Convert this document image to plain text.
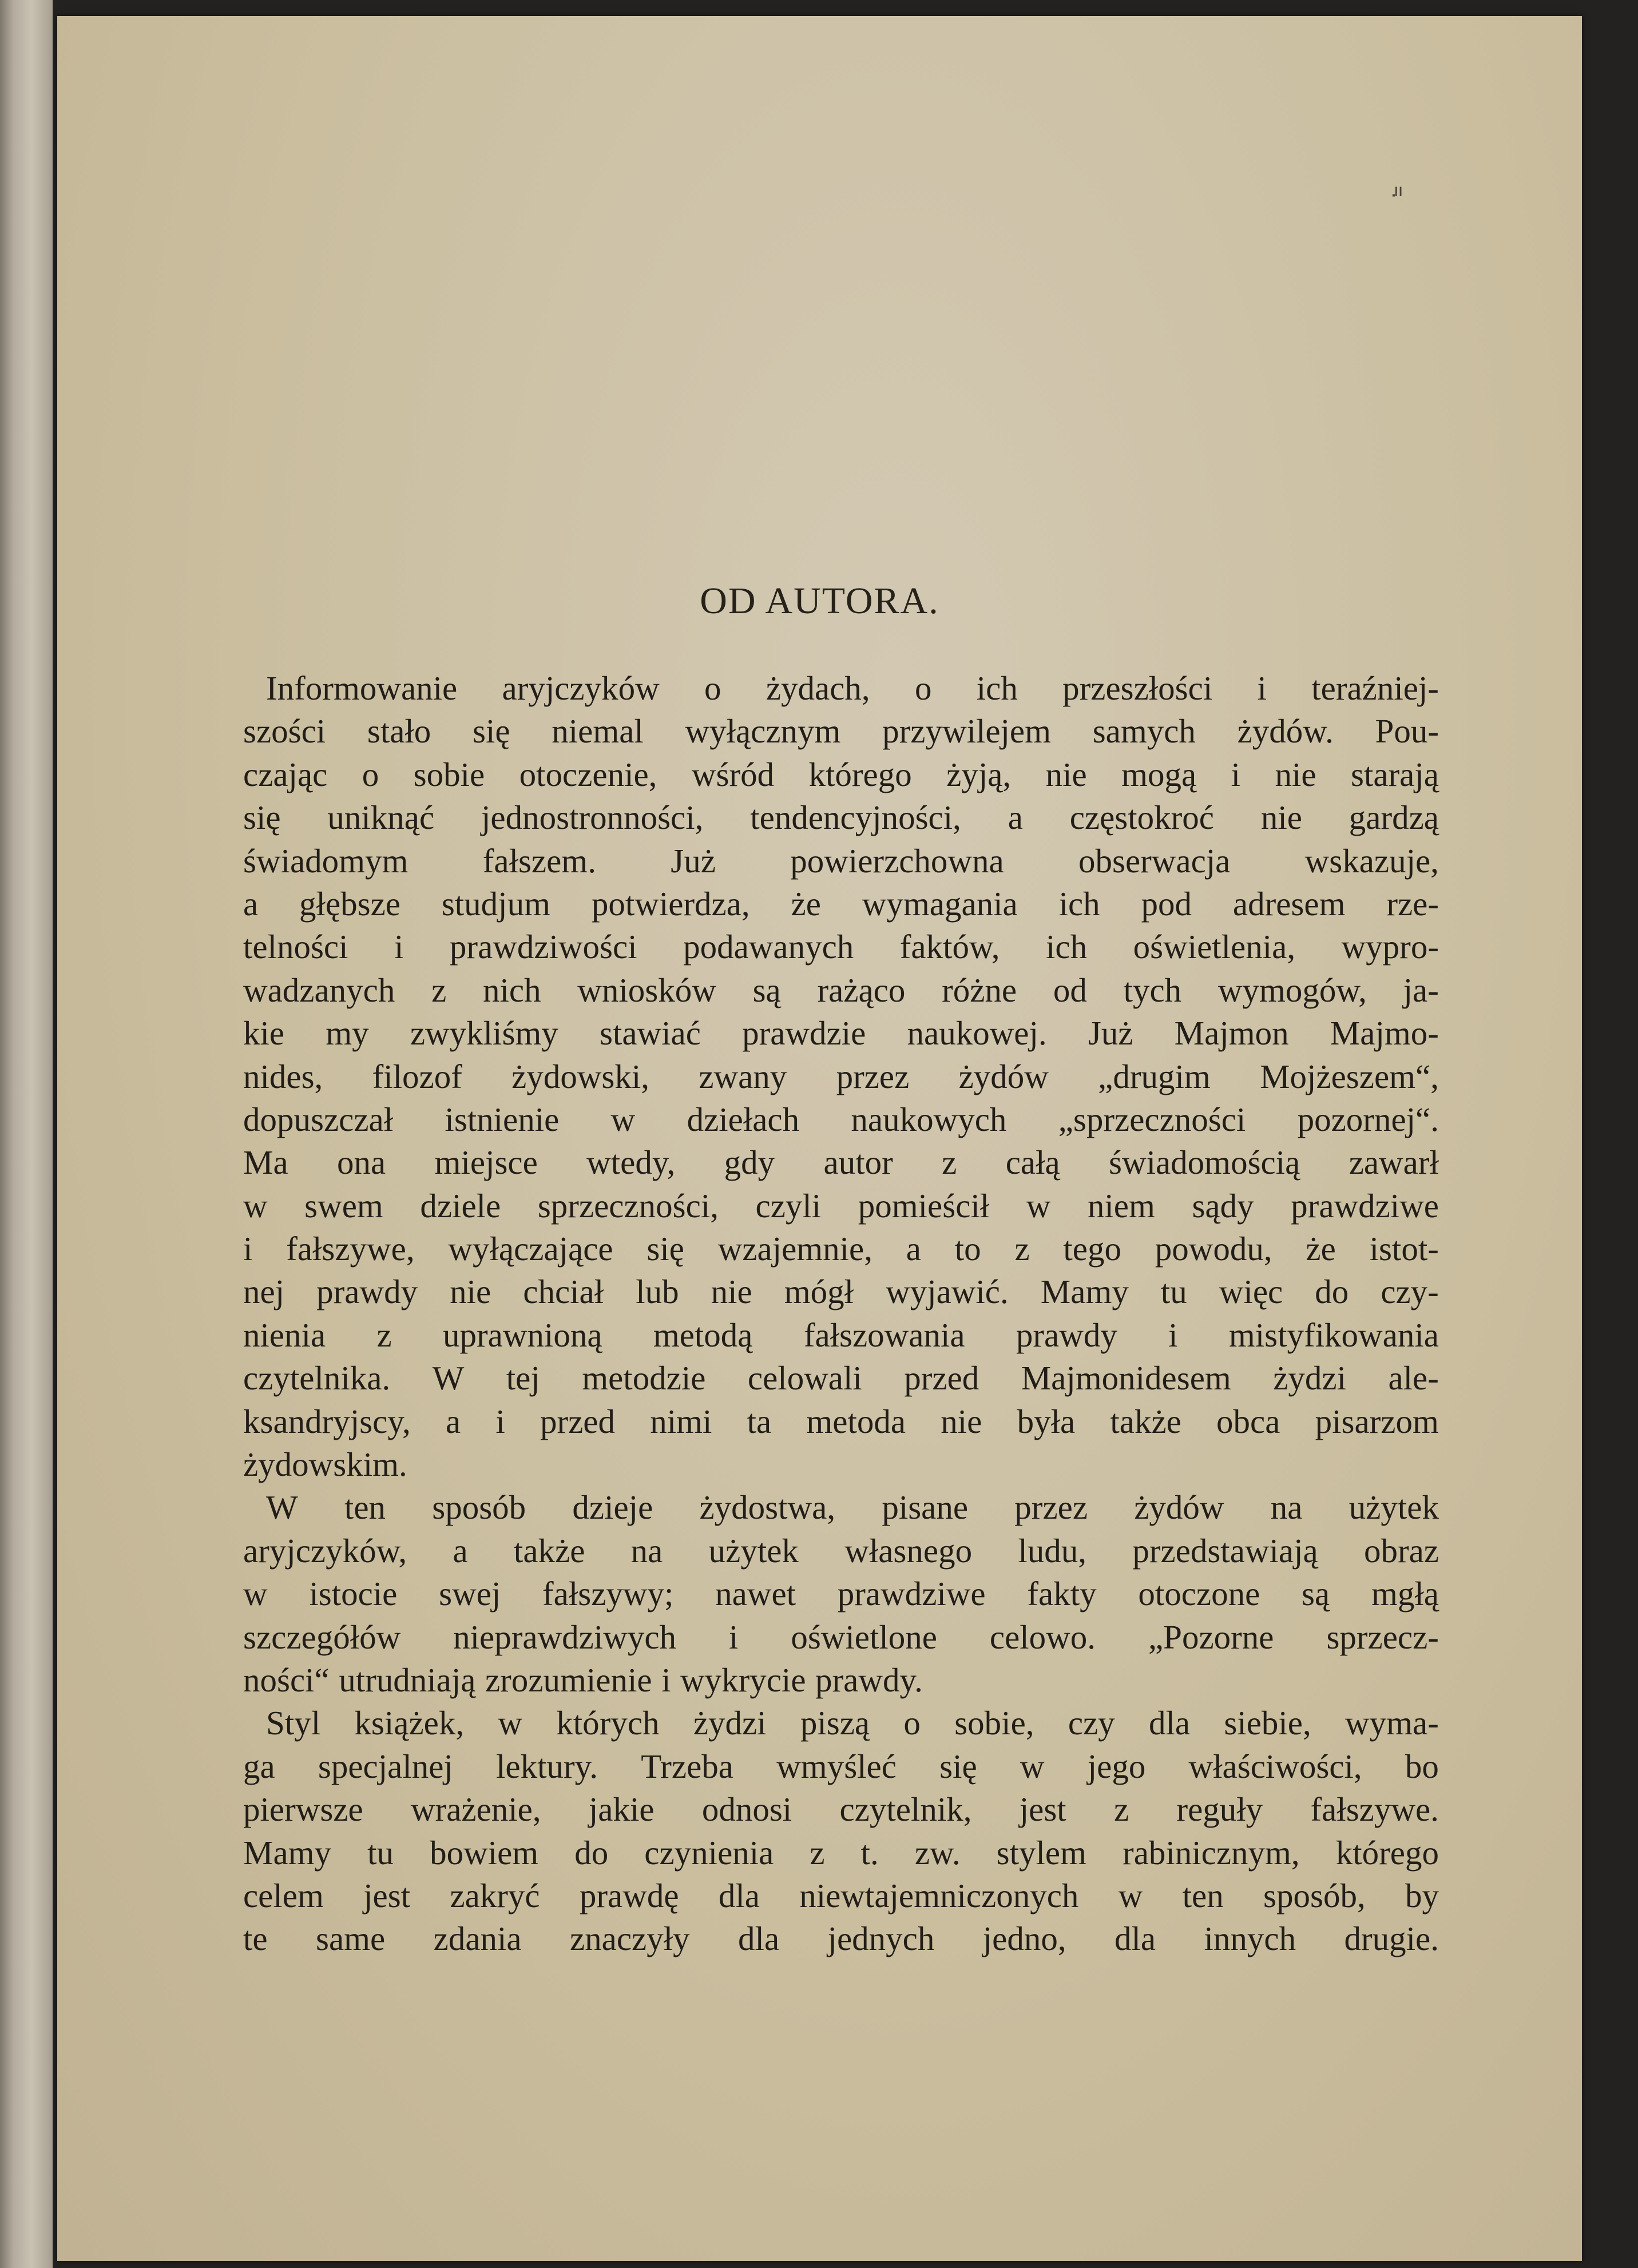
ᐧᐦ
OD AUTORA.
Informowanie aryjczyków o żydach, o ich przeszłości i teraźniej-
szości stało się niemal wyłącznym przywilejem samych żydów. Pou-
czając o sobie otoczenie, wśród którego żyją, nie mogą i nie starają
się uniknąć jednostronności, tendencyjności, a częstokroć nie gardzą
świadomym fałszem. Już powierzchowna obserwacja wskazuje,
a głębsze studjum potwierdza, że wymagania ich pod adresem rze-
telności i prawdziwości podawanych faktów, ich oświetlenia, wypro-
wadzanych z nich wniosków są rażąco różne od tych wymogów, ja-
kie my zwykliśmy stawiać prawdzie naukowej. Już Majmon Majmo-
nides, filozof żydowski, zwany przez żydów „drugim Mojżeszem“,
dopuszczał istnienie w dziełach naukowych „sprzeczności pozornej“.
Ma ona miejsce wtedy, gdy autor z całą świadomością zawarł
w swem dziele sprzeczności, czyli pomieścił w niem sądy prawdziwe
i fałszywe, wyłączające się wzajemnie, a to z tego powodu, że istot-
nej prawdy nie chciał lub nie mógł wyjawić. Mamy tu więc do czy-
nienia z uprawnioną metodą fałszowania prawdy i mistyfikowania
czytelnika. W tej metodzie celowali przed Majmonidesem żydzi ale-
ksandryjscy, a i przed nimi ta metoda nie była także obca pisarzom
żydowskim.
W ten sposób dzieje żydostwa, pisane przez żydów na użytek
aryjczyków, a także na użytek własnego ludu, przedstawiają obraz
w istocie swej fałszywy; nawet prawdziwe fakty otoczone są mgłą
szczegółów nieprawdziwych i oświetlone celowo. „Pozorne sprzecz-
ności“ utrudniają zrozumienie i wykrycie prawdy.
Styl książek, w których żydzi piszą o sobie, czy dla siebie, wyma-
ga specjalnej lektury. Trzeba wmyśleć się w jego właściwości, bo
pierwsze wrażenie, jakie odnosi czytelnik, jest z reguły fałszywe.
Mamy tu bowiem do czynienia z t. zw. stylem rabinicznym, którego
celem jest zakryć prawdę dla niewtajemniczonych w ten sposób, by
te same zdania znaczyły dla jednych jedno, dla innych drugie.
